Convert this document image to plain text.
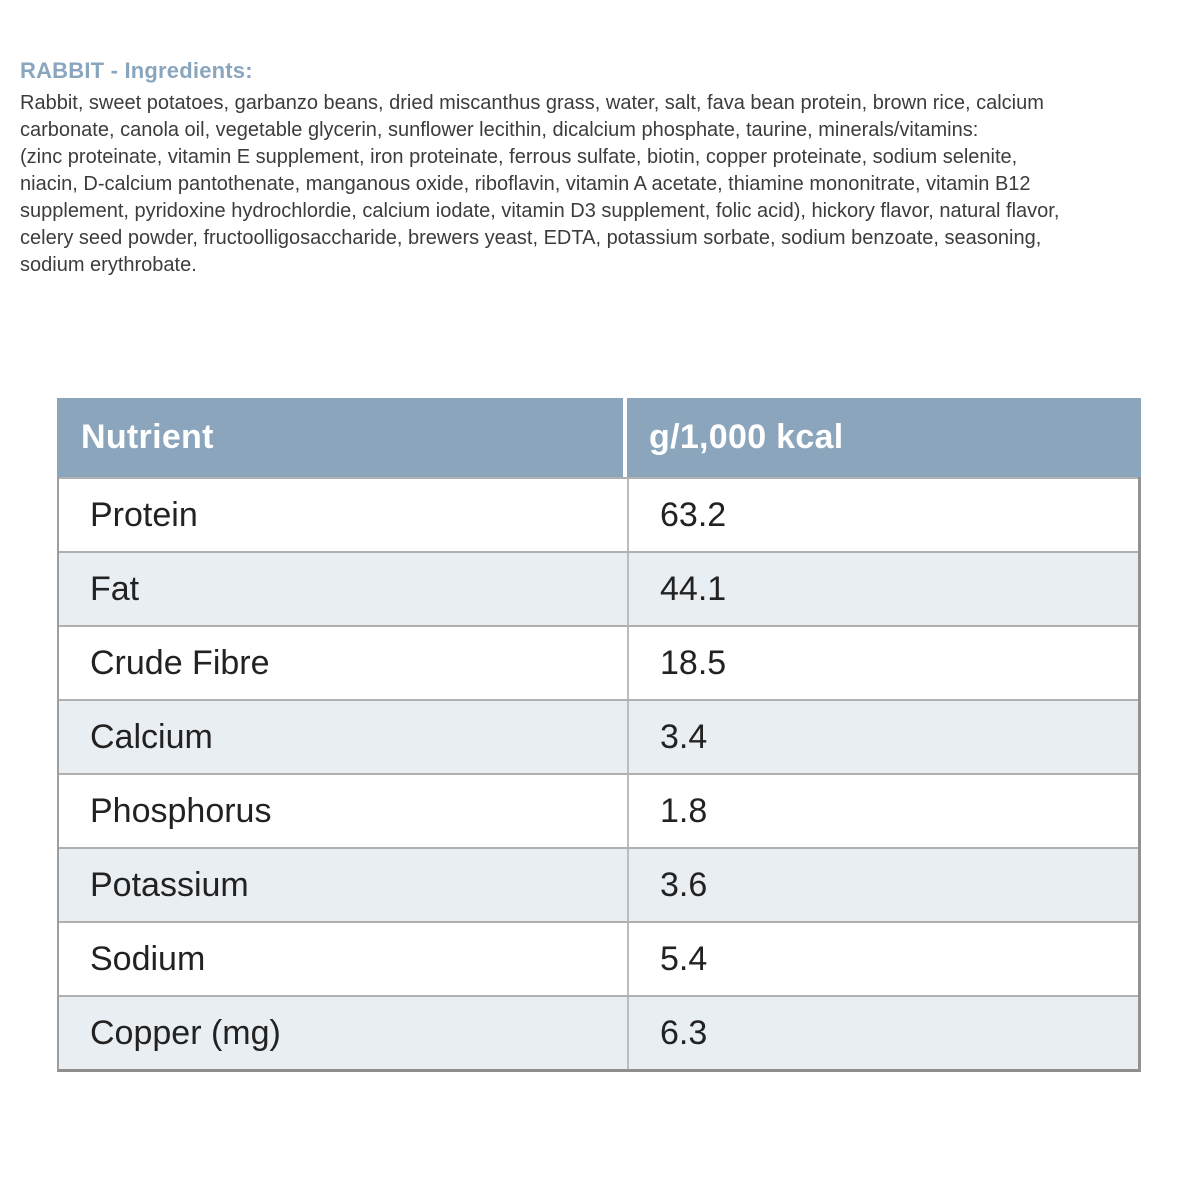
RABBIT - Ingredients:
Rabbit, sweet potatoes, garbanzo beans, dried miscanthus grass, water, salt, fava bean protein, brown rice, calcium
carbonate, canola oil, vegetable glycerin, sunflower lecithin, dicalcium phosphate, taurine, minerals/vitamins:
(zinc proteinate, vitamin E supplement, iron proteinate, ferrous sulfate, biotin, copper proteinate, sodium selenite,
niacin, D-calcium pantothenate, manganous oxide, riboflavin, vitamin A acetate, thiamine mononitrate, vitamin B12
supplement, pyridoxine hydrochlordie, calcium iodate, vitamin D3 supplement, folic acid), hickory flavor, natural flavor,
celery seed powder, fructoolligosaccharide, brewers yeast, EDTA, potassium sorbate, sodium benzoate, seasoning,
sodium erythrobate.
Nutrient	g/1,000 kcal
Protein	63.2
Fat	44.1
Crude Fibre	18.5
Calcium	3.4
Phosphorus	1.8
Potassium	3.6
Sodium	5.4
Copper (mg)	6.3
